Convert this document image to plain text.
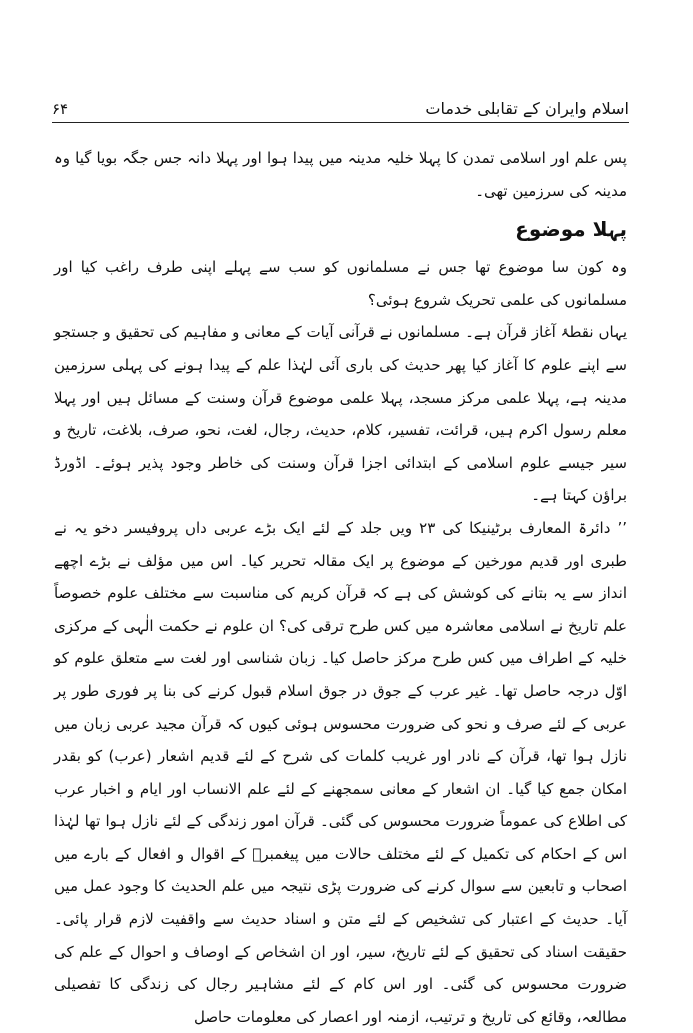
اسلام وایران کے تقابلی خدمات
۶۴

پس علم اور اسلامی تمدن کا پہلا خلیہ مدینہ میں پیدا ہوا اور پہلا دانہ جس جگہ بویا گیا وہ مدینہ کی سرزمین تھی۔

پہلا موضوع

وہ کون سا موضوع تھا جس نے مسلمانوں کو سب سے پہلے اپنی طرف راغب کیا اور مسلمانوں کی علمی تحریک شروع ہوئی؟

یہاں نقطۂ آغاز قرآن ہے۔ مسلمانوں نے قرآنی آیات کے معانی و مفاہیم کی تحقیق و جستجو سے اپنے علوم کا آغاز کیا پھر حدیث کی باری آئی لہٰذا علم کے پیدا ہونے کی پہلی سرزمین مدینہ ہے، پہلا علمی مرکز مسجد، پہلا علمی موضوع قرآن وسنت کے مسائل ہیں اور پہلا معلم رسول اکرم ہیں، قرائت، تفسیر، کلام، حدیث، رجال، لغت، نحو، صرف، بلاغت، تاریخ و سیر جیسے علوم اسلامی کے ابتدائی اجزا قرآن وسنت کی خاطر وجود پذیر ہوئے۔ اڈورڈ براؤن کہتا ہے۔

’’ دائرۃ المعارف برٹینیکا کی ۲۳ ویں جلد کے لئے ایک بڑے عربی داں پروفیسر دخو یہ نے طبری اور قدیم مورخین کے موضوع پر ایک مقالہ تحریر کیا۔ اس میں مؤلف نے بڑے اچھے انداز سے یہ بتانے کی کوشش کی ہے کہ قرآن کریم کی مناسبت سے مختلف علوم خصوصاً علم تاریخ نے اسلامی معاشرہ میں کس طرح ترقی کی؟ ان علوم نے حکمت الٰہی کے مرکزی خلیہ کے اطراف میں کس طرح مرکز حاصل کیا۔ زبان شناسی اور لغت سے متعلق علوم کو اوّل درجہ حاصل تھا۔ غیر عرب کے جوق در جوق اسلام قبول کرنے کی بنا پر فوری طور پر عربی کے لئے صرف و نحو کی ضرورت محسوس ہوئی کیوں کہ قرآن مجید عربی زبان میں نازل ہوا تھا، قرآن کے نادر اور غریب کلمات کی شرح کے لئے قدیم اشعار (عرب) کو بقدر امکان جمع کیا گیا۔ ان اشعار کے معانی سمجھنے کے لئے علم الانساب اور ایام و اخبار عرب کی اطلاع کی عموماً ضرورت محسوس کی گئی۔ قرآن امور زندگی کے لئے نازل ہوا تھا لہٰذا اس کے احکام کی تکمیل کے لئے مختلف حالات میں پیغمبرؐ کے اقوال و افعال کے بارے میں اصحاب و تابعین سے سوال کرنے کی ضرورت پڑی نتیجہ میں علم الحدیث کا وجود عمل میں آیا۔ حدیث کے اعتبار کی تشخیص کے لئے متن و اسناد حدیث سے واقفیت لازم قرار پائی۔ حقیقت اسناد کی تحقیق کے لئے تاریخ، سیر، اور ان اشخاص کے اوصاف و احوال کے علم کی ضرورت محسوس کی گئی۔ اور اس کام کے لئے مشاہیر رجال کی زندگی کا تفصیلی مطالعہ، وقائع کی تاریخ و ترتیب، ازمنہ اور اعصار کی معلومات حاصل
